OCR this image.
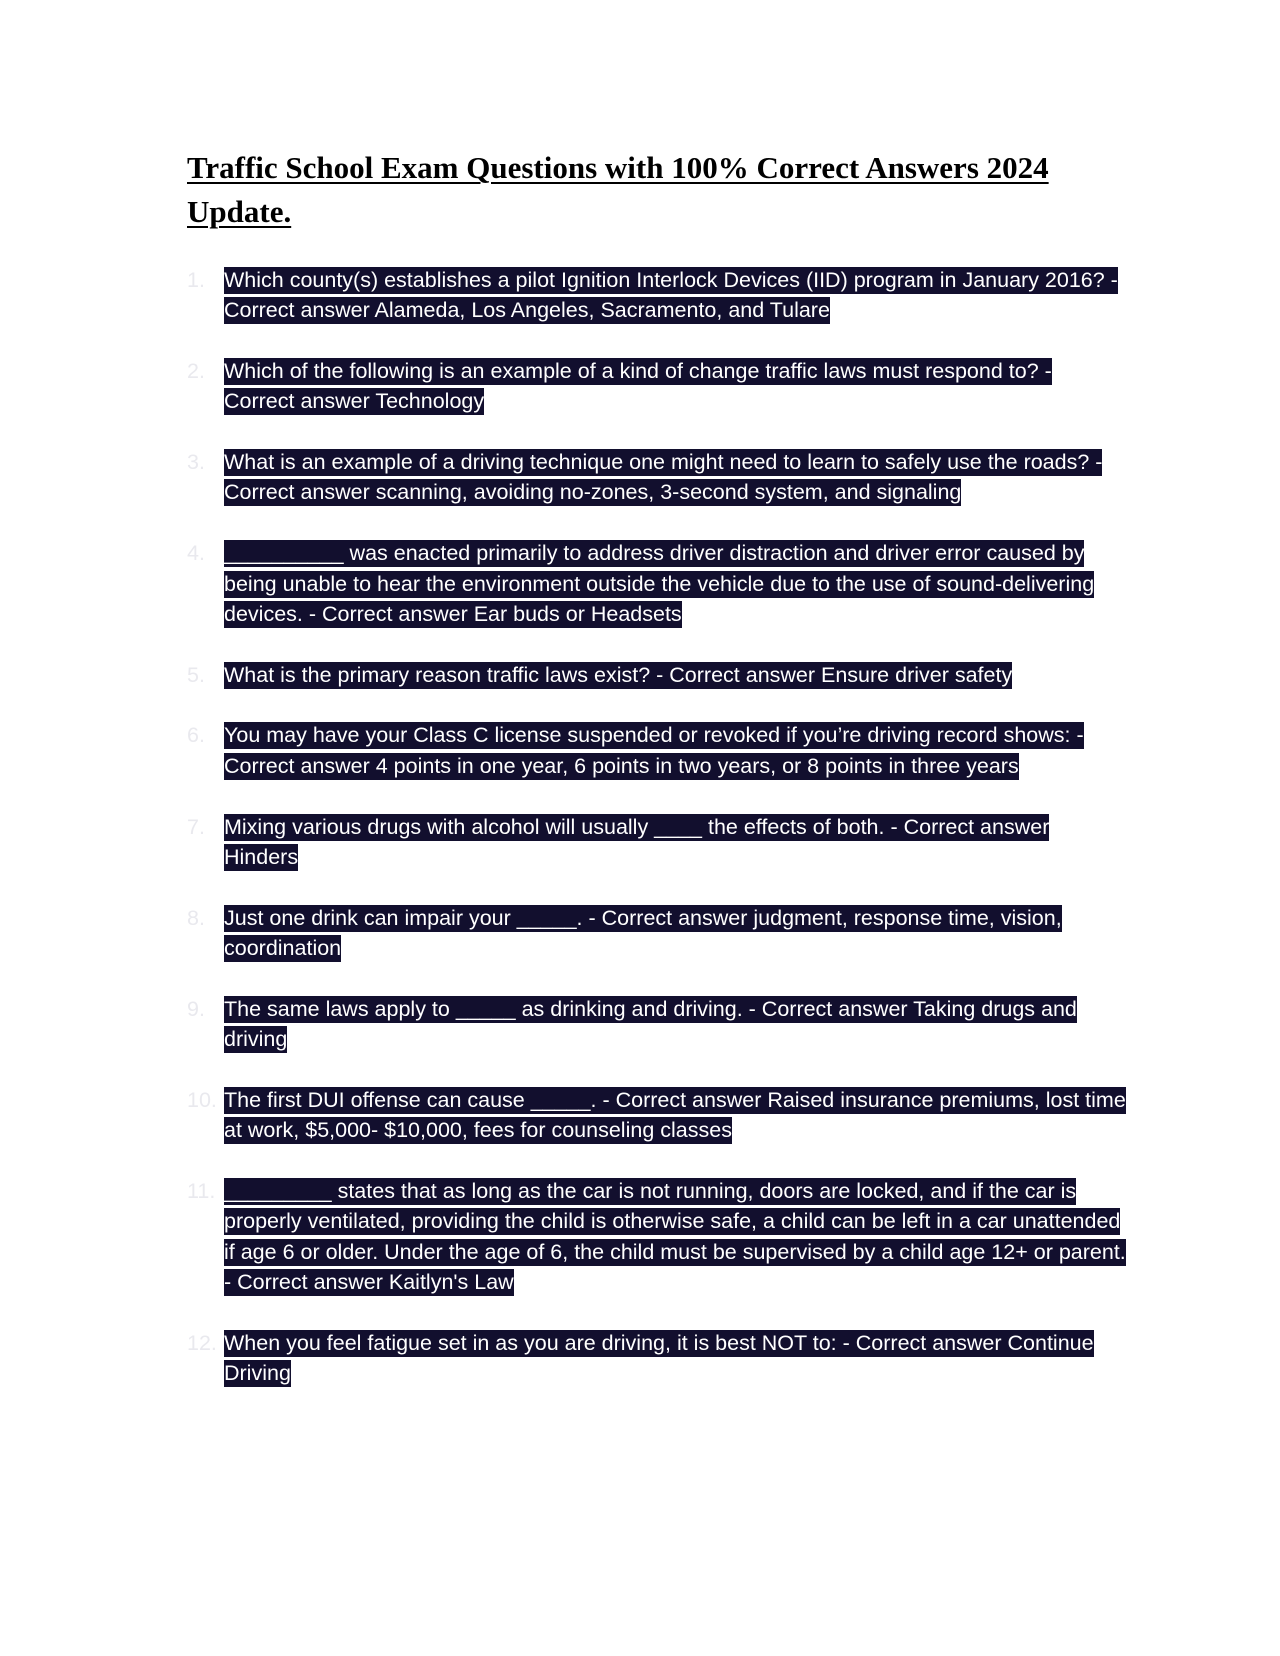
Traffic School Exam Questions with 100% Correct Answers 2024 Update.
1. Which county(s) establishes a pilot Ignition Interlock Devices (IID) program in January 2016? - Correct answer Alameda, Los Angeles, Sacramento, and Tulare
2. Which of the following is an example of a kind of change traffic laws must respond to? - Correct answer Technology
3. What is an example of a driving technique one might need to learn to safely use the roads? - Correct answer scanning, avoiding no-zones, 3-second system, and signaling
4. __________ was enacted primarily to address driver distraction and driver error caused by being unable to hear the environment outside the vehicle due to the use of sound-delivering devices. - Correct answer Ear buds or Headsets
5. What is the primary reason traffic laws exist? - Correct answer Ensure driver safety
6. You may have your Class C license suspended or revoked if you’re driving record shows: - Correct answer 4 points in one year, 6 points in two years, or 8 points in three years
7. Mixing various drugs with alcohol will usually ____ the effects of both. - Correct answer Hinders
8. Just one drink can impair your _____. - Correct answer judgment, response time, vision, coordination
9. The same laws apply to _____ as drinking and driving. - Correct answer Taking drugs and driving
10. The first DUI offense can cause _____. - Correct answer Raised insurance premiums, lost time at work, $5,000- $10,000, fees for counseling classes
11. _________ states that as long as the car is not running, doors are locked, and if the car is properly ventilated, providing the child is otherwise safe, a child can be left in a car unattended if age 6 or older. Under the age of 6, the child must be supervised by a child age 12+ or parent. - Correct answer Kaitlyn's Law
12. When you feel fatigue set in as you are driving, it is best NOT to: - Correct answer Continue Driving
